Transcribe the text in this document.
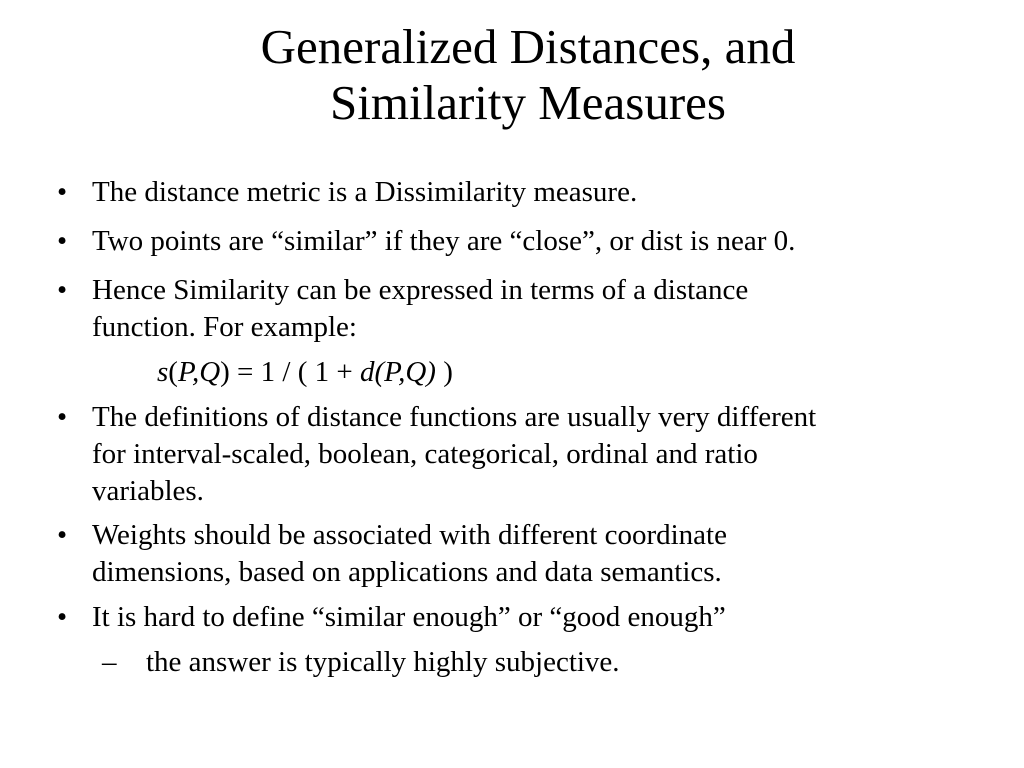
Generalized Distances, and
Similarity Measures
• The distance metric is a Dissimilarity measure.
• Two points are “similar” if they are “close”, or dist is near 0.
• Hence Similarity can be expressed in terms of a distance
function. For example:
s(P,Q) = 1 / ( 1 + d(P,Q) )
• The definitions of distance functions are usually very different
for interval-scaled, boolean, categorical, ordinal and ratio
variables.
• Weights should be associated with different coordinate
dimensions, based on applications and data semantics.
• It is hard to define “similar enough” or “good enough”
– the answer is typically highly subjective.
